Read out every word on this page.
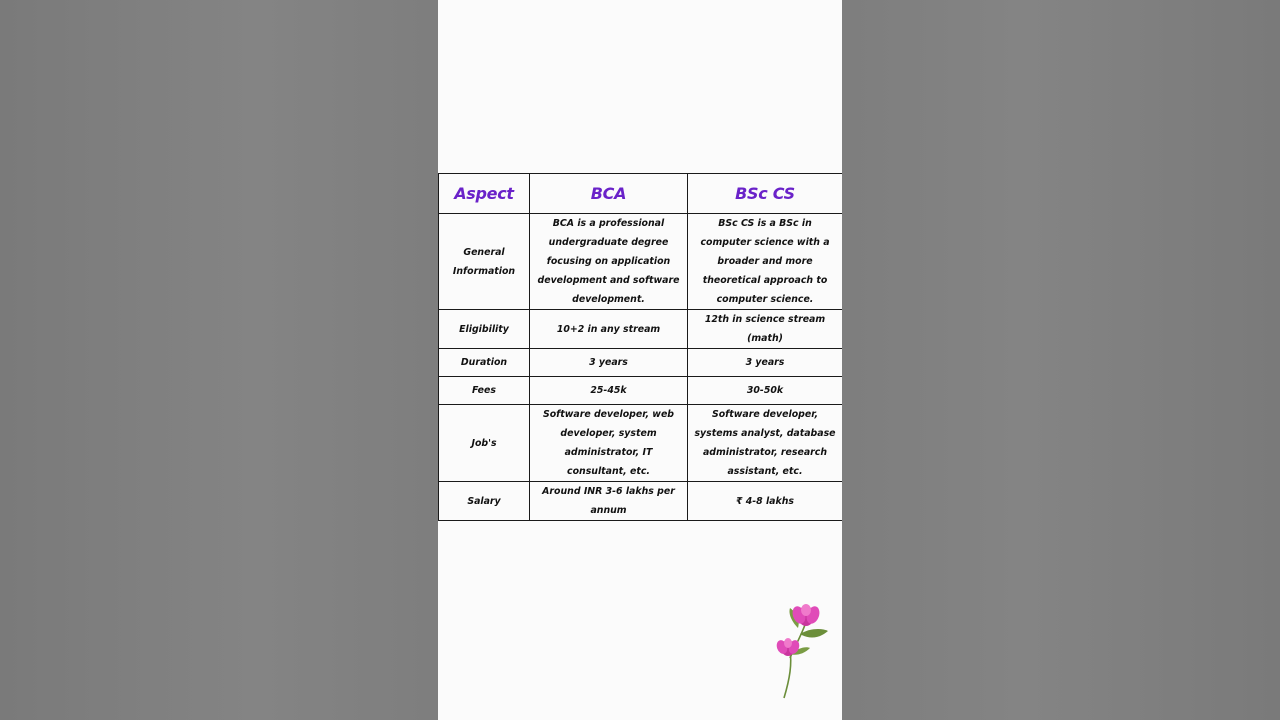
Aspect	BCA	BSc CS
General Information	BCA is a professional undergraduate degree focusing on application development and software development.	BSc CS is a BSc in computer science with a broader and more theoretical approach to computer science.
Eligibility	10+2 in any stream	12th in science stream (math)
Duration	3 years	3 years
Fees	25-45k	30-50k
Job's	Software developer, web developer, system administrator, IT consultant, etc.	Software developer, systems analyst, database administrator, research assistant, etc.
Salary	Around INR 3-6 lakhs per annum	₹ 4-8 lakhs
